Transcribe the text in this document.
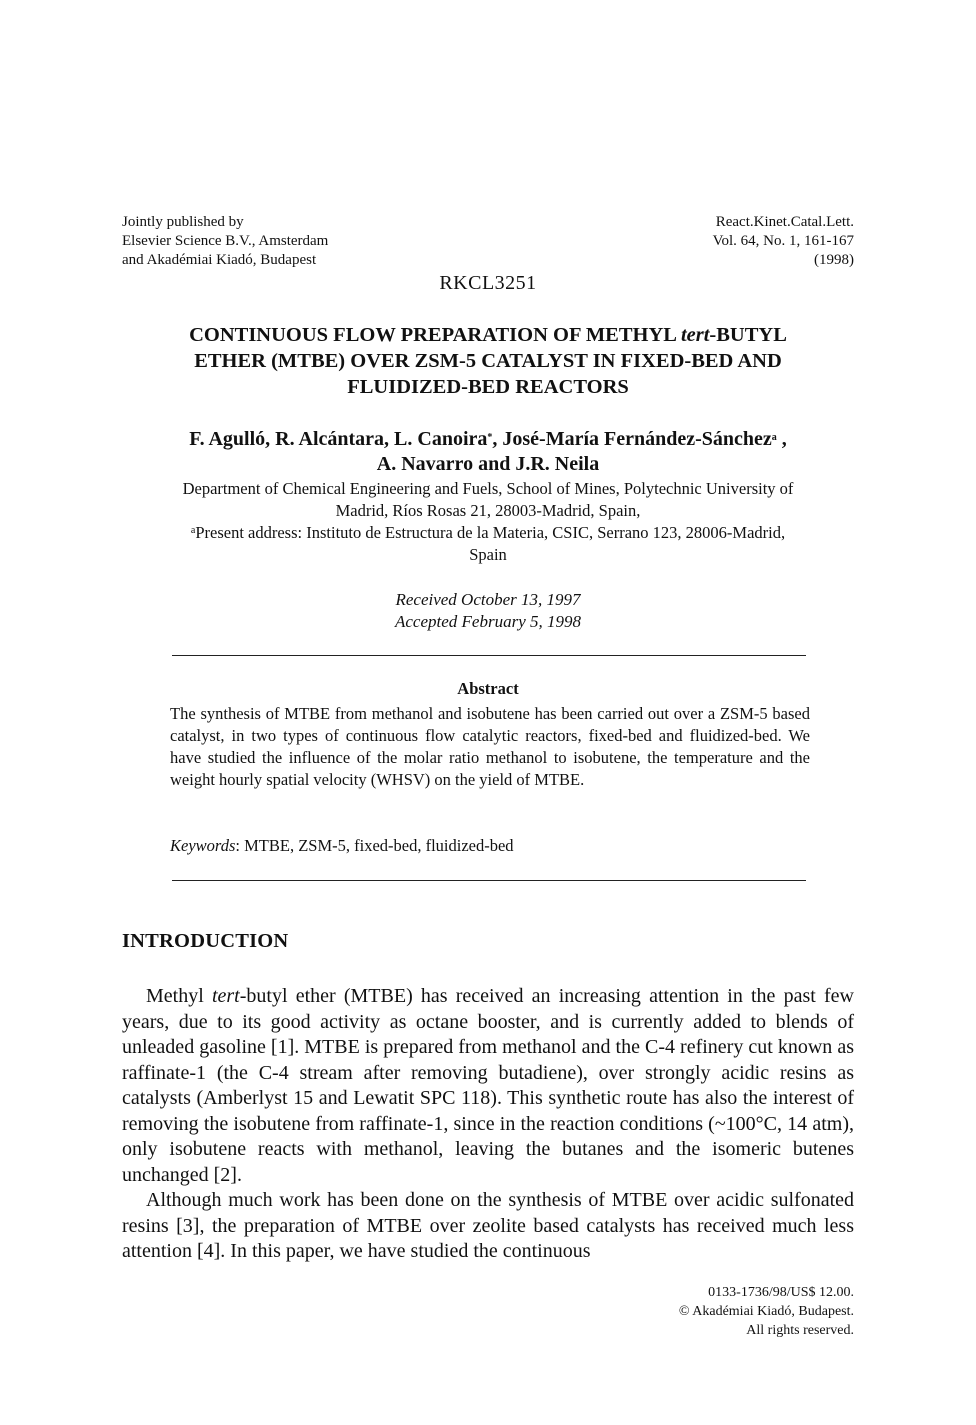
Jointly published by
Elsevier Science B.V., Amsterdam
and Akadémiai Kiadó, Budapest
React.Kinet.Catal.Lett.
Vol. 64, No. 1, 161-167
(1998)
RKCL3251
CONTINUOUS FLOW PREPARATION OF METHYL tert-BUTYL
ETHER (MTBE) OVER ZSM-5 CATALYST IN FIXED-BED AND
FLUIDIZED-BED REACTORS
F. Agulló, R. Alcántara, L. Canoira*, José-María Fernández-Sánchez$^a$ ,
A. Navarro and J.R. Neila
Department of Chemical Engineering and Fuels, School of Mines, Polytechnic University of
Madrid, Ríos Rosas 21, 28003-Madrid, Spain,
$^a$Present address: Instituto de Estructura de la Materia, CSIC, Serrano 123, 28006-Madrid,
Spain
Received October 13, 1997
Accepted February 5, 1998
Abstract
The synthesis of MTBE from methanol and isobutene has been carried out over a ZSM-5 based catalyst, in two types of continuous flow catalytic reactors, fixed-bed and fluidized-bed. We have studied the influence of the molar ratio methanol to isobutene, the temperature and the weight hourly spatial velocity (WHSV) on the yield of MTBE.
Keywords: MTBE, ZSM-5, fixed-bed, fluidized-bed
INTRODUCTION

Methyl tert-butyl ether (MTBE) has received an increasing attention in the past few years, due to its good activity as octane booster, and is currently added to blends of unleaded gasoline [1]. MTBE is prepared from methanol and the C-4 refinery cut known as raffinate-1 (the C-4 stream after removing butadiene), over strongly acidic resins as catalysts (Amberlyst 15 and Lewatit SPC 118). This synthetic route has also the interest of removing the isobutene from raffinate-1, since in the reaction conditions (~100°C, 14 atm), only isobutene reacts with methanol, leaving the butanes and the isomeric butenes unchanged [2].

Although much work has been done on the synthesis of MTBE over acidic sulfonated resins [3], the preparation of MTBE over zeolite based catalysts has received much less attention [4]. In this paper, we have studied the continuous

0133-1736/98/US$ 12.00.
© Akadémiai Kiadó, Budapest.
All rights reserved.
